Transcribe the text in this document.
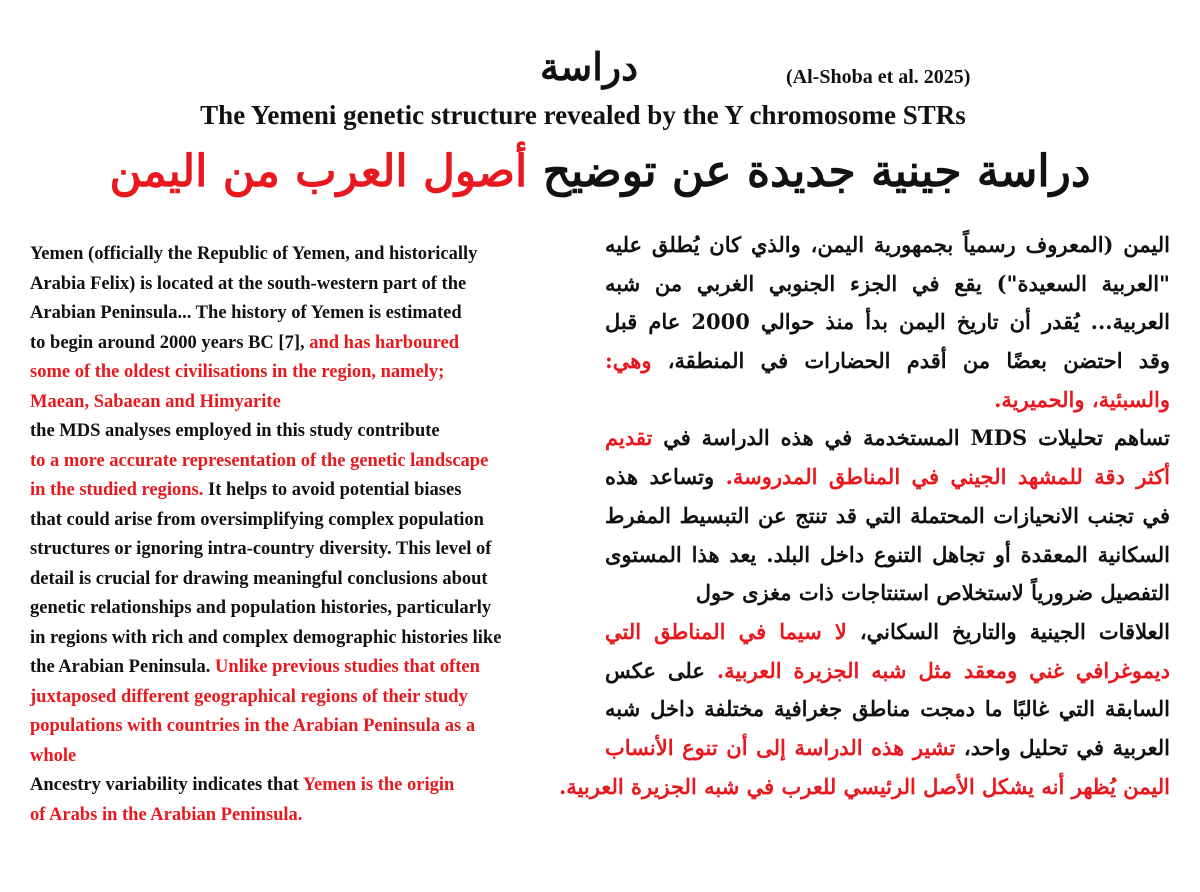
دراسة	(Al-Shoba et al. 2025)
The Yemeni genetic structure revealed by the Y chromosome STRs
دراسة جينية جديدة عن توضيح أصول العرب من اليمن
Yemen (officially the Republic of Yemen, and historically
Arabia Felix) is located at the south-western part of the
Arabian Peninsula... The history of Yemen is estimated
to begin around 2000 years BC [7], and has harboured
some of the oldest civilisations in the region, namely;
Maean, Sabaean and Himyarite
the MDS analyses employed in this study contribute
to a more accurate representation of the genetic landscape
in the studied regions. It helps to avoid potential biases
that could arise from oversimplifying complex population
structures or ignoring intra-country diversity. This level of
detail is crucial for drawing meaningful conclusions about
genetic relationships and population histories, particularly
in regions with rich and complex demographic histories like
the Arabian Peninsula. Unlike previous studies that often
juxtaposed different geographical regions of their study
populations with countries in the Arabian Peninsula as a
whole
Ancestry variability indicates that Yemen is the origin
of Arabs in the Arabian Peninsula.
اليمن (المعروف رسمياً بجمهورية اليمن، والذي كان يُطلق عليه
"العربية السعيدة") يقع في الجزء الجنوبي الغربي من شبه
العربية... يُقدر أن تاريخ اليمن بدأ منذ حوالي 2000 عام قبل
وقد احتضن بعضًا من أقدم الحضارات في المنطقة، وهي:
والسبئية، والحميرية.
تساهم تحليلات MDS المستخدمة في هذه الدراسة في تقديم
أكثر دقة للمشهد الجيني في المناطق المدروسة. وتساعد هذه
في تجنب الانحيازات المحتملة التي قد تنتج عن التبسيط المفرط
السكانية المعقدة أو تجاهل التنوع داخل البلد. يعد هذا المستوى
التفصيل ضرورياً لاستخلاص استنتاجات ذات مغزى حول
العلاقات الجينية والتاريخ السكاني، لا سيما في المناطق التي
ديموغرافي غني ومعقد مثل شبه الجزيرة العربية. على عكس
السابقة التي غالبًا ما دمجت مناطق جغرافية مختلفة داخل شبه
العربية في تحليل واحد، تشير هذه الدراسة إلى أن تنوع الأنساب
اليمن يُظهر أنه يشكل الأصل الرئيسي للعرب في شبه الجزيرة العربية.
